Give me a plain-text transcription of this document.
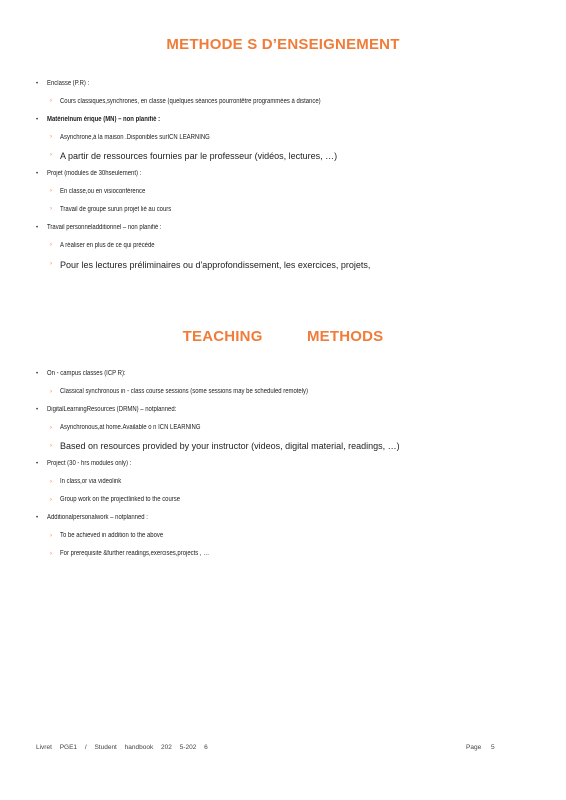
METHODE S D’ENSEIGNEMENT
• Enclasse (P.R) :
› Cours classiques,synchrones, en classe (quelques séances pourrontêtre programmées à distance)
• Matérielnum érique (MN) – non planifié :
› Asynchrone,à la maison .Disponibles surICN LEARNING
› A partir de ressources fournies par le professeur (vidéos, lectures, …)
• Projet (modules de 30hseulement) :
› En classe,ou en visioconférence
› Travail de groupe surun projet lié au cours
• Travail personneladditionnel – non planifié :
› A réaliser en plus de ce qui précède
› Pour les lectures préliminaires ou d'approfondissement, les exercices, projets,
TEACHING METHODS
• On - campus classes (ICP R):
› Classical synchronous in - class course sessions (some sessions may be scheduled remotely)
• DigitalLearningResources (DRMN) – notplanned:
› Asynchronous,at home.Available o n ICN LEARNING
› Based on resources provided by your instructor (videos, digital material, readings, …)
• Project (30 - hrs modules only) :
› In class,or via videolink
› Group work on the projectlinked to the course
• Additionalpersonalwork – notplanned :
› To be achieved in addition to the above
› For prerequisite &further readings,exercises,projects , …
Livret PGE1 / Student handbook 202 5-202 6	Page 5
